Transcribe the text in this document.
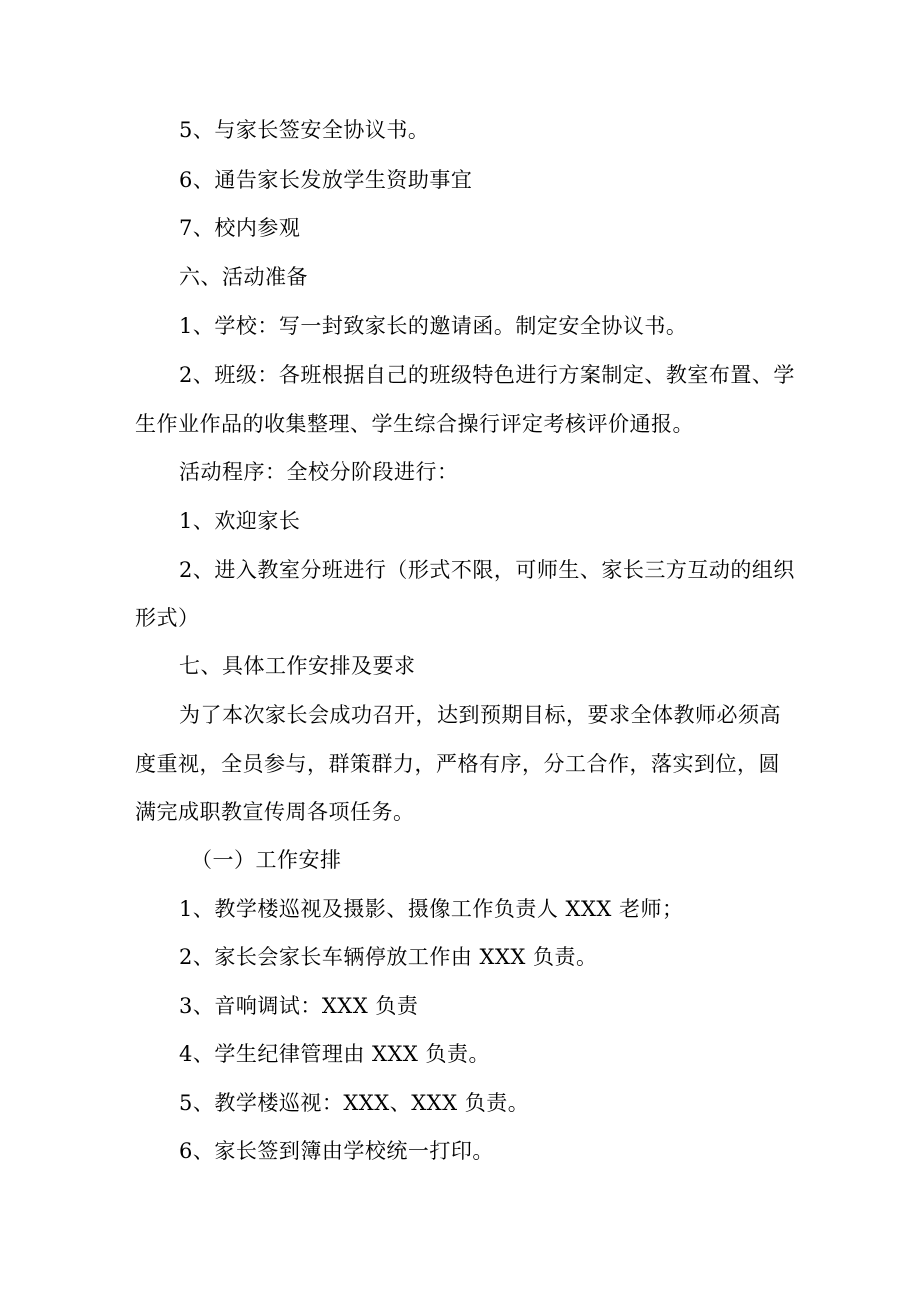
5、与家长签安全协议书。
6、通告家长发放学生资助事宜
7、校内参观
六、活动准备
1、学校：写一封致家长的邀请函。制定安全协议书。
2、班级：各班根据自己的班级特色进行方案制定、教室布置、学
生作业作品的收集整理、学生综合操行评定考核评价通报。
活动程序：全校分阶段进行：
1、欢迎家长
2、进入教室分班进行（形式不限，可师生、家长三方互动的组织
形式）
七、具体工作安排及要求
为了本次家长会成功召开，达到预期目标，要求全体教师必须高
度重视，全员参与，群策群力，严格有序，分工合作，落实到位，圆
满完成职教宣传周各项任务。
（一）工作安排
1、教学楼巡视及摄影、摄像工作负责人 XXX 老师；
2、家长会家长车辆停放工作由 XXX 负责。
3、音响调试：XXX 负责
4、学生纪律管理由 XXX 负责。
5、教学楼巡视：XXX、XXX 负责。
6、家长签到簿由学校统一打印。
